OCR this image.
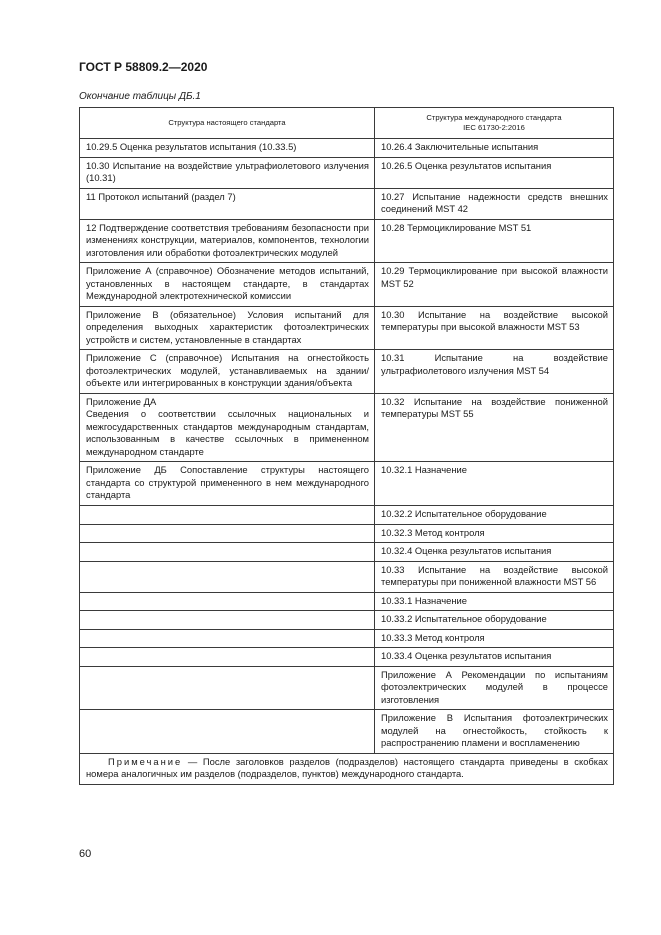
ГОСТ Р 58809.2—2020
Окончание таблицы ДБ.1
Структура настоящего стандарта	Структура международного стандарта
IEC 61730-2:2016

10.29.5 Оценка результатов испытания (10.33.5)	10.26.4 Заключительные испытания
10.30 Испытание на воздействие ультрафиолетового излучения (10.31)	10.26.5 Оценка результатов испытания
11 Протокол испытаний (раздел 7)	10.27 Испытание надежности средств внешних соединений MST 42
12 Подтверждение соответствия требованиям безопасности при изменениях конструкции, материалов, компонентов, технологии изготовления или обработки фотоэлектрических модулей	10.28 Термоциклирование MST 51
Приложение А (справочное) Обозначение методов испытаний, установленных в настоящем стандарте, в стандартах Международной электротехнической комиссии	10.29 Термоциклирование при высокой влажности MST 52
Приложение В (обязательное) Условия испытаний для определения выходных характеристик фотоэлектрических устройств и систем, установленные в стандартах	10.30 Испытание на воздействие высокой температуры при высокой влажности MST 53
Приложение С (справочное) Испытания на огнестойкость фотоэлектрических модулей, устанавливаемых на здании/объекте или интегрированных в конструкции здания/объекта	10.31 Испытание на воздействие ультрафиолетового излучения MST 54

Приложение ДА
Сведения о соответствии ссылочных национальных и межгосударственных стандартов международным стандартам, использованным в качестве ссылочных в примененном международном стандарте	10.32 Испытание на воздействие пониженной температуры MST 55
Приложение ДБ Сопоставление структуры настоящего стандарта со структурой примененного в нем международного стандарта	10.32.1 Назначение
	10.32.2 Испытательное оборудование
	10.32.3 Метод контроля
	10.32.4 Оценка результатов испытания
	10.33 Испытание на воздействие высокой температуры при пониженной влажности MST 56
	10.33.1 Назначение
	10.33.2 Испытательное оборудование
	10.33.3 Метод контроля
	10.33.4 Оценка результатов испытания
	Приложение А Рекомендации по испытаниям фотоэлектрических модулей в процессе изготовления
	Приложение В Испытания фотоэлектрических модулей на огнестойкость, стойкость к распространению пламени и воспламенению

Примечание — После заголовков разделов (подразделов) настоящего стандарта приведены в скобках номера аналогичных им разделов (подразделов, пунктов) международного стандарта.	
60
